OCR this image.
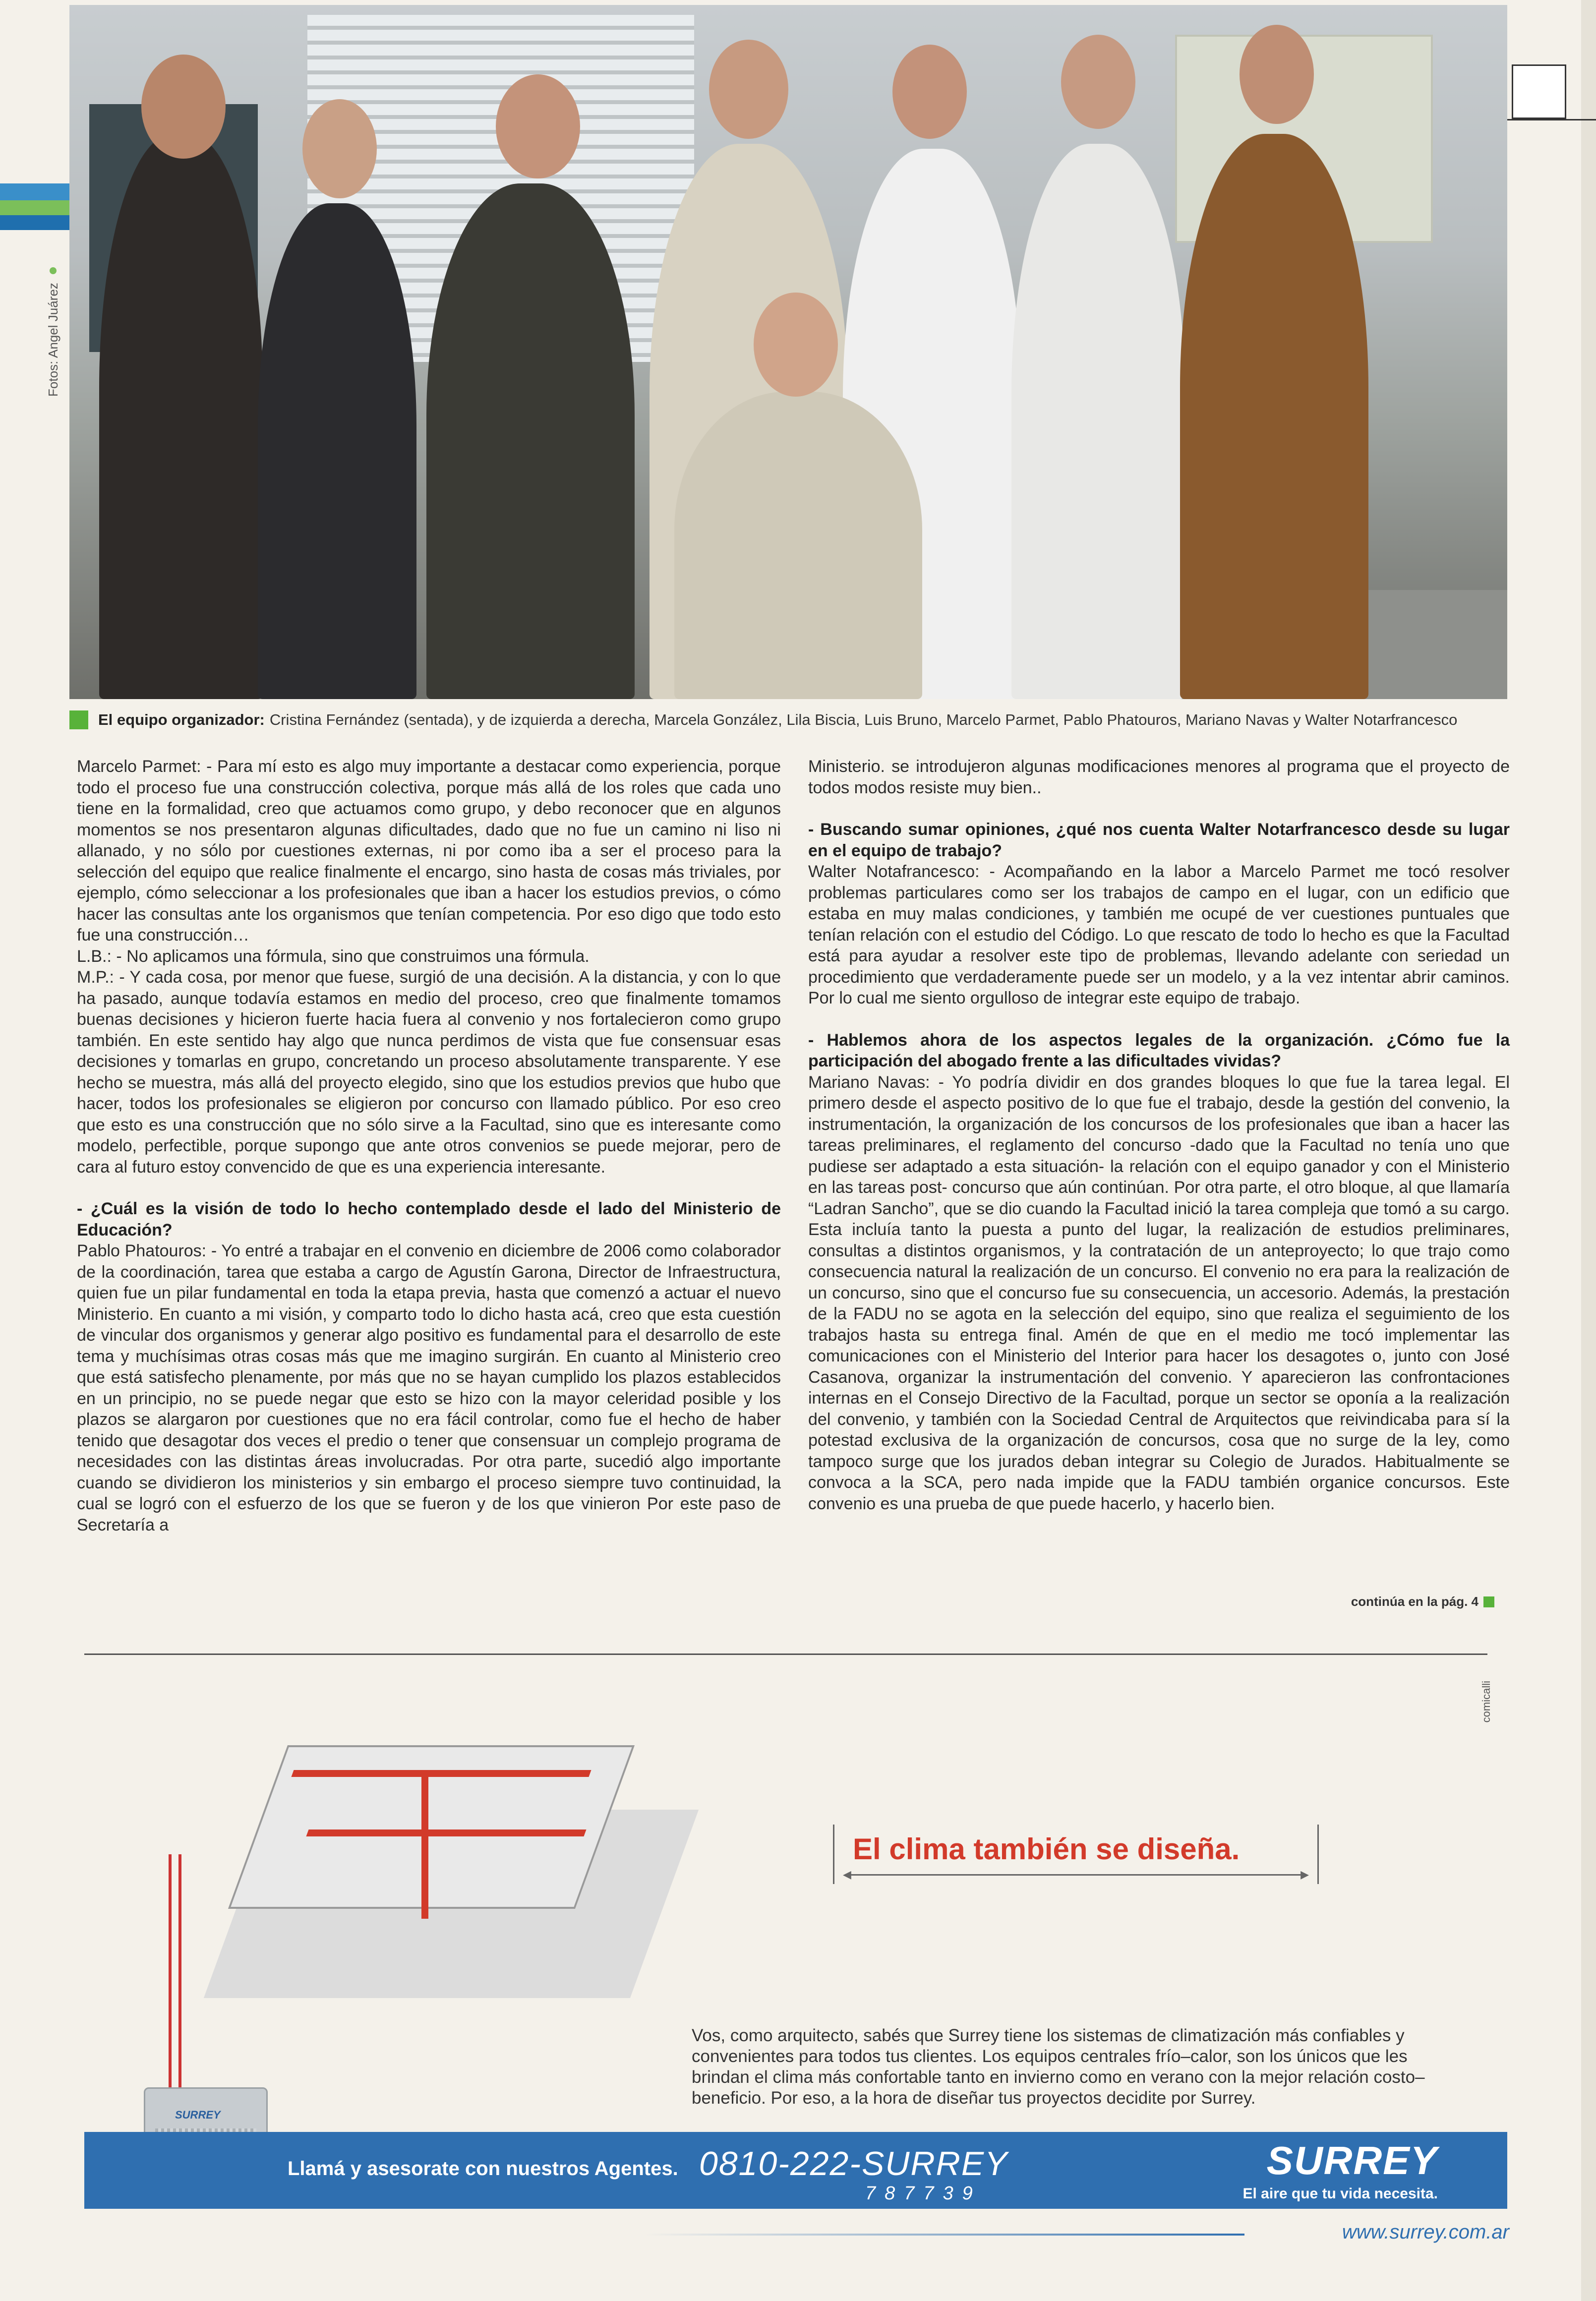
Fotos: Angel Juárez
El equipo organizador: Cristina Fernández (sentada), y de izquierda a derecha, Marcela González, Lila Biscia, Luis Bruno, Marcelo Parmet, Pablo Phatouros, Mariano Navas y Walter Notarfrancesco

Marcelo Parmet: - Para mí esto es algo muy importante a destacar como experiencia, porque todo el proceso fue una construcción colectiva, porque más allá de los roles que cada uno tiene en la formalidad, creo que actuamos como grupo, y debo reconocer que en algunos momentos se nos presentaron algunas dificultades, dado que no fue un camino ni liso ni allanado, y no sólo por cuestiones externas, ni por como iba a ser el proceso para la selección del equipo que realice finalmente el encargo, sino hasta de cosas más triviales, por ejemplo, cómo seleccionar a los profesionales que iban a hacer los estudios previos, o cómo hacer las consultas ante los organismos que tenían competencia. Por eso digo que todo esto fue una construcción…

L.B.: - No aplicamos una fórmula, sino que construimos una fórmula.

M.P.: - Y cada cosa, por menor que fuese, surgió de una decisión. A la distancia, y con lo que ha pasado, aunque todavía estamos en medio del proceso, creo que finalmente tomamos buenas decisiones y hicieron fuerte hacia fuera al convenio y nos fortalecieron como grupo también. En este sentido hay algo que nunca perdimos de vista que fue consensuar esas decisiones y tomarlas en grupo, concretando un proceso absolutamente transparente. Y ese hecho se muestra, más allá del proyecto elegido, sino que los estudios previos que hubo que hacer, todos los profesionales se eligieron por concurso con llamado público. Por eso creo que esto es una construcción que no sólo sirve a la Facultad, sino que es interesante como modelo, perfectible, porque supongo que ante otros convenios se puede mejorar, pero de cara al futuro estoy convencido de que es una experiencia interesante.

- ¿Cuál es la visión de todo lo hecho contemplado desde el lado del Ministerio de Educación?

Pablo Phatouros: - Yo entré a trabajar en el convenio en diciembre de 2006 como colaborador de la coordinación, tarea que estaba a cargo de Agustín Garona, Director de Infraestructura, quien fue un pilar fundamental en toda la etapa previa, hasta que comenzó a actuar el nuevo Ministerio. En cuanto a mi visión, y comparto todo lo dicho hasta acá, creo que esta cuestión de vincular dos organismos y generar algo positivo es fundamental para el desarrollo de este tema y muchísimas otras cosas más que me imagino surgirán. En cuanto al Ministerio creo que está satisfecho plenamente, por más que no se hayan cumplido los plazos establecidos en un principio, no se puede negar que esto se hizo con la mayor celeridad posible y los plazos se alargaron por cuestiones que no era fácil controlar, como fue el hecho de haber tenido que desagotar dos veces el predio o tener que consensuar un complejo programa de necesidades con las distintas áreas involucradas. Por otra parte, sucedió algo importante cuando se dividieron los ministerios y sin embargo el proceso siempre tuvo continuidad, la cual se logró con el esfuerzo de los que se fueron y de los que vinieron Por este paso de Secretaría a

Ministerio. se introdujeron algunas modificaciones menores al programa que el proyecto de todos modos resiste muy bien..

- Buscando sumar opiniones, ¿qué nos cuenta Walter Notarfrancesco desde su lugar en el equipo de trabajo?

Walter Notafrancesco: - Acompañando en la labor a Marcelo Parmet me tocó resolver problemas particulares como ser los trabajos de campo en el lugar, con un edificio que estaba en muy malas condiciones, y también me ocupé de ver cuestiones puntuales que tenían relación con el estudio del Código. Lo que rescato de todo lo hecho es que la Facultad está para ayudar a resolver este tipo de problemas, llevando adelante con seriedad un procedimiento que verdaderamente puede ser un modelo, y a la vez intentar abrir caminos. Por lo cual me siento orgulloso de integrar este equipo de trabajo.

- Hablemos ahora de los aspectos legales de la organización. ¿Cómo fue la participación del abogado frente a las dificultades vividas?

Mariano Navas: - Yo podría dividir en dos grandes bloques lo que fue la tarea legal. El primero desde el aspecto positivo de lo que fue el trabajo, desde la gestión del convenio, la instrumentación, la organización de los concursos de los profesionales que iban a hacer las tareas preliminares, el reglamento del concurso -dado que la Facultad no tenía uno que pudiese ser adaptado a esta situación- la relación con el equipo ganador y con el Ministerio en las tareas post- concurso que aún continúan. Por otra parte, el otro bloque, al que llamaría “Ladran Sancho”, que se dio cuando la Facultad inició la tarea compleja que tomó a su cargo. Esta incluía tanto la puesta a punto del lugar, la realización de estudios preliminares, consultas a distintos organismos, y la contratación de un anteproyecto; lo que trajo como consecuencia natural la realización de un concurso. El convenio no era para la realización de un concurso, sino que el concurso fue su consecuencia, un accesorio. Además, la prestación de la FADU no se agota en la selección del equipo, sino que realiza el seguimiento de los trabajos hasta su entrega final. Amén de que en el medio me tocó implementar las comunicaciones con el Ministerio del Interior para hacer los desagotes o, junto con José Casanova, organizar la instrumentación del convenio. Y aparecieron las confrontaciones internas en el Consejo Directivo de la Facultad, porque un sector se oponía a la realización del convenio, y también con la Sociedad Central de Arquitectos que reivindicaba para sí la potestad exclusiva de la organización de concursos, cosa que no surge de la ley, como tampoco surge que los jurados deban integrar su Colegio de Jurados. Habitualmente se convoca a la SCA, pero nada impide que la FADU también organice concursos. Este convenio es una prueba de que puede hacerlo, y hacerlo bien.

continúa en la pág. 4
comicalli
SURREY
El clima también se diseña.
◀	▶
Vos, como arquitecto, sabés que Surrey tiene los sistemas de climatización más confiables y convenientes para todos tus clientes. Los equipos centrales frío–calor, son los únicos que les brindan el clima más confortable tanto en invierno como en verano con la mejor relación costo–beneficio. Por eso, a la hora de diseñar tus proyectos decidite por Surrey.
Llamá y asesorate con nuestros Agentes. 0810-222-SURREY
787739
SURREY
El aire que tu vida necesita.
www.surrey.com.ar
